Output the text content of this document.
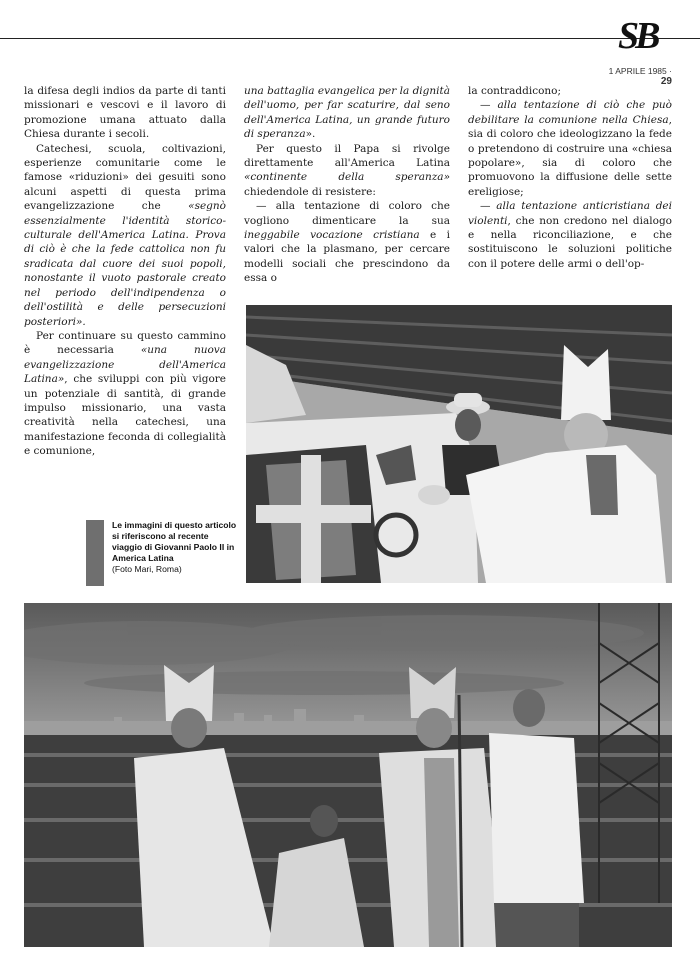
SB
1 APRILE 1985 · 29

la difesa degli indios da parte di tanti missionari e vescovi e il lavoro di promozione umana attuato dalla Chiesa durante i secoli.

Catechesi, scuola, coltivazioni, esperienze comunitarie come le famose «riduzioni» dei gesuiti sono alcuni aspetti di questa prima evangelizzazione che «segnò essenzialmente l'identità storico-culturale dell'America Latina. Prova di ciò è che la fede cattolica non fu sradicata dal cuore dei suoi popoli, nonostante il vuoto pastorale creato nel periodo dell'indipendenza o dell'ostilità e delle persecuzioni posteriori».

Per continuare su questo cammino è necessaria «una nuova evangelizzazione dell'America Latina», che sviluppi con più vigore un potenziale di santità, di grande impulso missionario, una vasta creatività nella catechesi, una manifestazione feconda di collegialità e comunione,

una battaglia evangelica per la dignità dell'uomo, per far scaturire, dal seno dell'America Latina, un grande futuro di speranza».

Per questo il Papa si rivolge direttamente all'America Latina «continente della speranza» chiedendole di resistere:

— alla tentazione di coloro che vogliono dimenticare la sua ineggabile vocazione cristiana e i valori che la plasmano, per cercare modelli sociali che prescindono da essa o

la contraddicono;

— alla tentazione di ciò che può debilitare la comunione nella Chiesa, sia di coloro che ideologizzano la fede o pretendono di costruire una «chiesa popolare», sia di coloro che promuovono la diffusione delle sette ereligiose;

— alla tentazione anticristiana dei violenti, che non credono nel dialogo e nella riconciliazione, e che sostituiscono le soluzioni politiche con il potere delle armi o dell'op-

Le immagini di questo articolo si riferiscono al recente viaggio di Giovanni Paolo II in America Latina
(Foto Mari, Roma)
